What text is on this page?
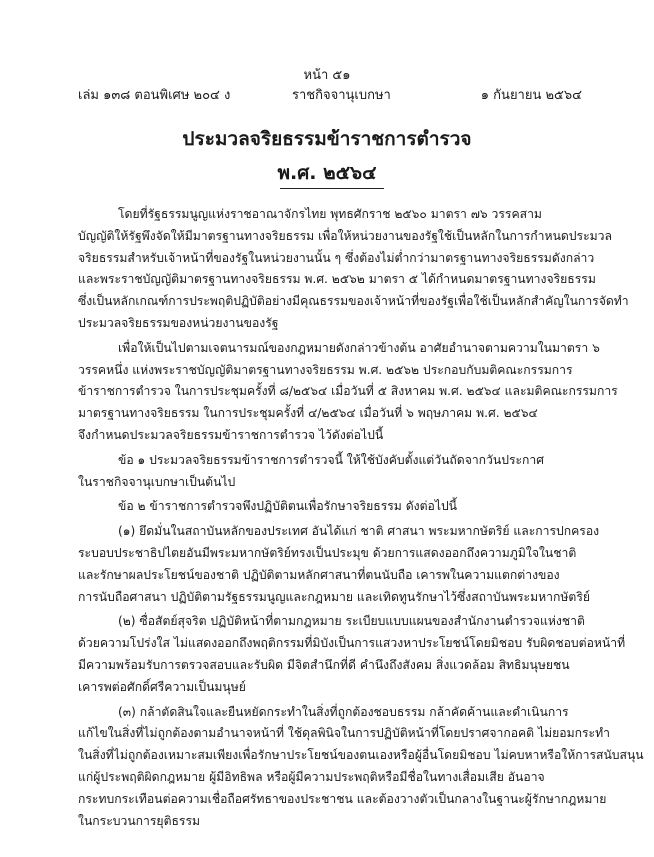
หน้า ๕๑
เล่ม ๑๓๘ ตอนพิเศษ ๒๐๔ ง	ราชกิจจานุเบกษา	๑ กันยายน ๒๕๖๔
ประมวลจริยธรรมข้าราชการตำรวจ
พ.ศ. ๒๕๖๔
โดยที่รัฐธรรมนูญแห่งราชอาณาจักรไทย พุทธศักราช ๒๕๖๐ มาตรา ๗๖ วรรคสาม
บัญญัติให้รัฐพึงจัดให้มีมาตรฐานทางจริยธรรม เพื่อให้หน่วยงานของรัฐใช้เป็นหลักในการกำหนดประมวล
จริยธรรมสำหรับเจ้าหน้าที่ของรัฐในหน่วยงานนั้น ๆ ซึ่งต้องไม่ต่ำกว่ามาตรฐานทางจริยธรรมดังกล่าว
และพระราชบัญญัติมาตรฐานทางจริยธรรม พ.ศ. ๒๕๖๒ มาตรา ๕ ได้กำหนดมาตรฐานทางจริยธรรม
ซึ่งเป็นหลักเกณฑ์การประพฤติปฏิบัติอย่างมีคุณธรรมของเจ้าหน้าที่ของรัฐเพื่อใช้เป็นหลักสำคัญในการจัดทำ
ประมวลจริยธรรมของหน่วยงานของรัฐ
เพื่อให้เป็นไปตามเจตนารมณ์ของกฎหมายดังกล่าวข้างต้น อาศัยอำนาจตามความในมาตรา ๖
วรรคหนึ่ง แห่งพระราชบัญญัติมาตรฐานทางจริยธรรม พ.ศ. ๒๕๖๒ ประกอบกับมติคณะกรรมการ
ข้าราชการตำรวจ ในการประชุมครั้งที่ ๘/๒๕๖๔ เมื่อวันที่ ๕ สิงหาคม พ.ศ. ๒๕๖๔ และมติคณะกรรมการ
มาตรฐานทางจริยธรรม ในการประชุมครั้งที่ ๔/๒๕๖๔ เมื่อวันที่ ๖ พฤษภาคม พ.ศ. ๒๕๖๔
จึงกำหนดประมวลจริยธรรมข้าราชการตำรวจ ไว้ดังต่อไปนี้
ข้อ ๑ ประมวลจริยธรรมข้าราชการตำรวจนี้ ให้ใช้บังคับตั้งแต่วันถัดจากวันประกาศ
ในราชกิจจานุเบกษาเป็นต้นไป
ข้อ ๒ ข้าราชการตำรวจพึงปฏิบัติตนเพื่อรักษาจริยธรรม ดังต่อไปนี้
(๑) ยึดมั่นในสถาบันหลักของประเทศ อันได้แก่ ชาติ ศาสนา พระมหากษัตริย์ และการปกครอง
ระบอบประชาธิปไตยอันมีพระมหากษัตริย์ทรงเป็นประมุข ด้วยการแสดงออกถึงความภูมิใจในชาติ
และรักษาผลประโยชน์ของชาติ ปฏิบัติตามหลักศาสนาที่ตนนับถือ เคารพในความแตกต่างของ
การนับถือศาสนา ปฏิบัติตามรัฐธรรมนูญและกฎหมาย และเทิดทูนรักษาไว้ซึ่งสถาบันพระมหากษัตริย์
(๒) ซื่อสัตย์สุจริต ปฏิบัติหน้าที่ตามกฎหมาย ระเบียบแบบแผนของสำนักงานตำรวจแห่งชาติ
ด้วยความโปร่งใส ไม่แสดงออกถึงพฤติกรรมที่มิบังเป็นการแสวงหาประโยชน์โดยมิชอบ รับผิดชอบต่อหน้าที่
มีความพร้อมรับการตรวจสอบและรับผิด มีจิตสำนึกที่ดี คำนึงถึงสังคม สิ่งแวดล้อม สิทธิมนุษยชน
เคารพต่อศักดิ์ศรีความเป็นมนุษย์
(๓) กล้าตัดสินใจและยืนหยัดกระทำในสิ่งที่ถูกต้องชอบธรรม กล้าคัดค้านและดำเนินการ
แก้ไขในสิ่งที่ไม่ถูกต้องตามอำนาจหน้าที่ ใช้ดุลพินิจในการปฏิบัติหน้าที่โดยปราศจากอคติ ไม่ยอมกระทำ
ในสิ่งที่ไม่ถูกต้องเหมาะสมเพียงเพื่อรักษาประโยชน์ของตนเองหรือผู้อื่นโดยมิชอบ ไม่คบหาหรือให้การสนับสนุน
แก่ผู้ประพฤติผิดกฎหมาย ผู้มีอิทธิพล หรือผู้มีความประพฤติหรือมีชื่อในทางเสื่อมเสีย อันอาจ
กระทบกระเทือนต่อความเชื่อถือศรัทธาของประชาชน และต้องวางตัวเป็นกลางในฐานะผู้รักษากฎหมาย
ในกระบวนการยุติธรรม
